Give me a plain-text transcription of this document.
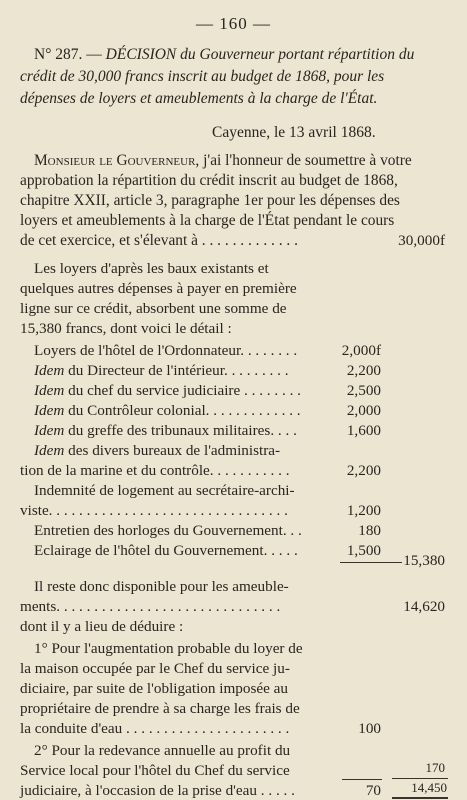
— 160 —
N° 287. — DÉCISION du Gouverneur portant répartition du
crédit de 30,000 francs inscrit au budget de 1868, pour les
dépenses de loyers et ameublements à la charge de l'État.
Cayenne, le 13 avril 1868.
Monsieur le Gouverneur, j'ai l'honneur de soumettre à votre
approbation la répartition du crédit inscrit au budget de 1868,
chapitre XXII, article 3, paragraphe 1er pour les dépenses des
loyers et ameublements à la charge de l'État pendant le cours
de cet exercice, et s'élevant à . . . . . . . . . . . . .	30,000f
Les loyers d'après les baux existants et
quelques autres dépenses à payer en première
ligne sur ce crédit, absorbent une somme de
15,380 francs, dont voici le détail :
Loyers de l'hôtel de l'Ordonnateur. . . . . . . .	2,000f
Idem du Directeur de l'intérieur. . . . . . . . .	2,200
Idem du chef du service judiciaire . . . . . . . .	2,500
Idem du Contrôleur colonial. . . . . . . . . . . . .	2,000
Idem du greffe des tribunaux militaires. . . .	1,600
Idem des divers bureaux de l'administra-
tion de la marine et du contrôle. . . . . . . . . . .	2,200
Indemnité de logement au secrétaire-archi-
viste. . . . . . . . . . . . . . . . . . . . . . . . . . . . . . . .	1,200
Entretien des horloges du Gouvernement. . .	180
Eclairage de l'hôtel du Gouvernement. . . . .	1,500
15,380
Il reste donc disponible pour les ameuble-
ments. . . . . . . . . . . . . . . . . . . . . . . . . . . . . .	14,620
dont il y a lieu de déduire :
1° Pour l'augmentation probable du loyer de
la maison occupée par le Chef du service ju-
diciaire, par suite de l'obligation imposée au
propriétaire de prendre à sa charge les frais de
la conduite d'eau . . . . . . . . . . . . . . . . . . . . . .	100
2° Pour la redevance annuelle au profit du
Service local pour l'hôtel du Chef du service
judiciaire, à l'occasion de la prise d'eau . . . . .	70
170
14,450
